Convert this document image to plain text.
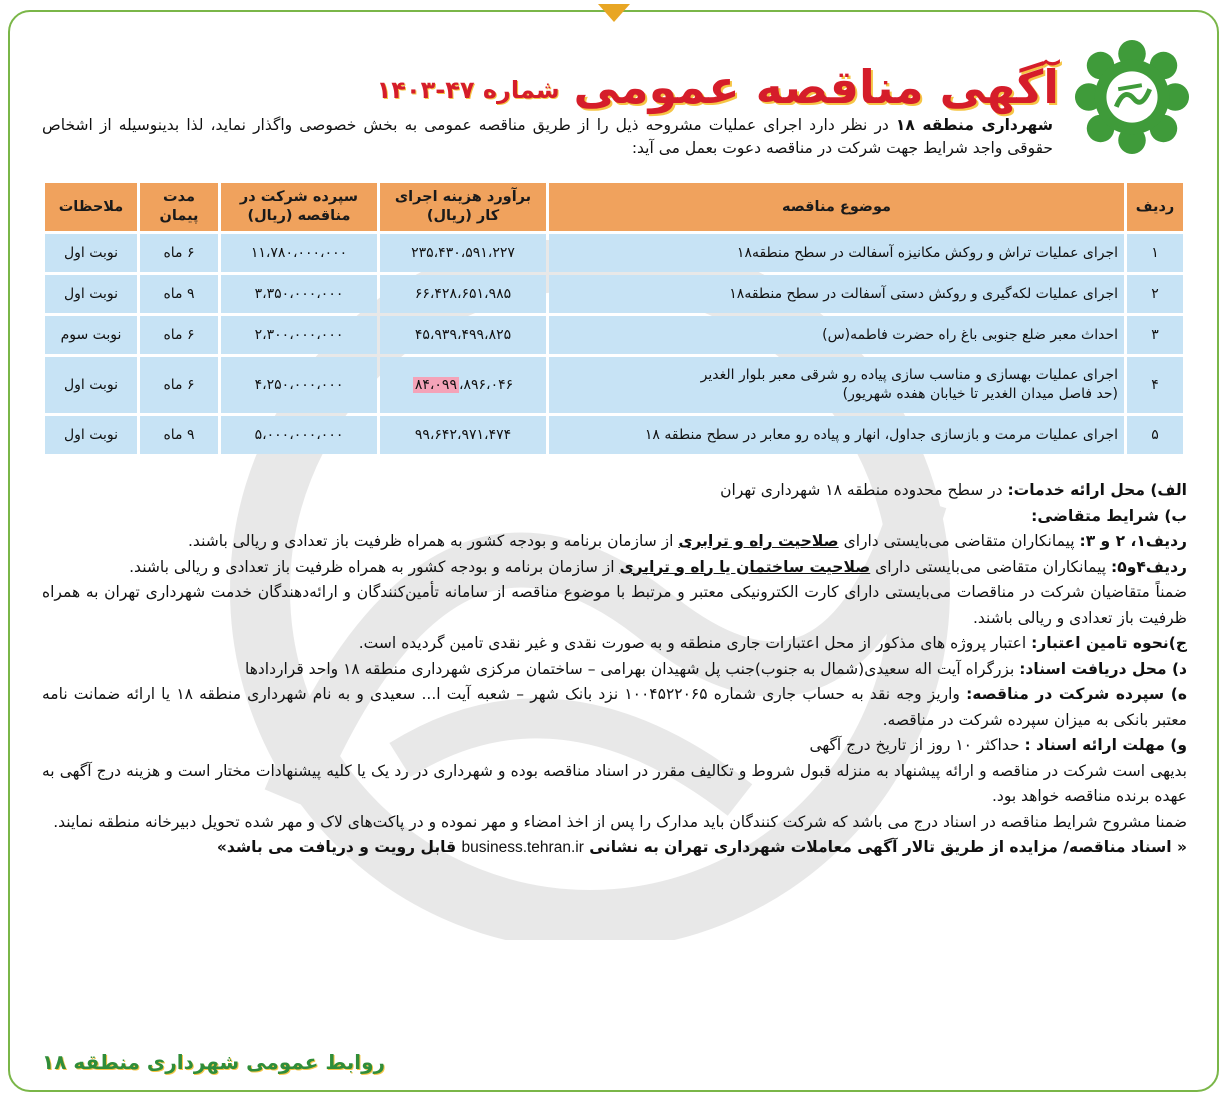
آگهی مناقصه عمومی
شماره ۴۷-۱۴۰۳
شهرداری منطقه ۱۸ در نظر دارد اجرای عملیات مشروحه ذیل را از طریق مناقصه عمومی به بخش خصوصی واگذار نماید، لذا بدینوسیله از اشخاص حقوقی واجد شرایط جهت شرکت در مناقصه دعوت بعمل می آید:
ردیف	موضوع مناقصه	برآورد هزینه اجرای کار (ریال)	سپرده شرکت در مناقصه (ریال)	مدت پیمان	ملاحظات
۱	اجرای عملیات تراش و روکش مکانیزه آسفالت در سطح منطقه۱۸	۲۳۵،۴۳۰،۵۹۱،۲۲۷	۱۱،۷۸۰،۰۰۰،۰۰۰	۶ ماه	نوبت اول
۲	اجرای عملیات لکه‌گیری و روکش دستی آسفالت در سطح منطقه۱۸	۶۶،۴۲۸،۶۵۱،۹۸۵	۳،۳۵۰،۰۰۰،۰۰۰	۹ ماه	نوبت اول
۳	احداث معبر ضلع جنوبی باغ راه حضرت فاطمه(س)	۴۵،۹۳۹،۴۹۹،۸۲۵	۲،۳۰۰،۰۰۰،۰۰۰	۶ ماه	نوبت سوم
۴	اجرای عملیات بهسازی و مناسب سازی پیاده رو شرقی معبر بلوار الغدیر
(حد فاصل میدان الغدیر تا خیابان هفده شهریور)	۸۴،۰۹۹ ،۸۹۶،۰۴۶	۴،۲۵۰،۰۰۰،۰۰۰	۶ ماه	نوبت اول
۵	اجرای عملیات مرمت و بازسازی جداول، انهار و پیاده رو معابر در سطح منطقه ۱۸	۹۹،۶۴۲،۹۷۱،۴۷۴	۵،۰۰۰،۰۰۰،۰۰۰	۹ ماه	نوبت اول

الف) محل ارائه خدمات: در سطح محدوده منطقه ۱۸ شهرداری تهران

ب) شرایط متقاضی:

ردیف۱، ۲ و ۳: پیمانکاران متقاضی می‌بایستی دارای صلاحیت راه و ترابری از سازمان برنامه و بودجه کشور به همراه ظرفیت باز تعدادی و ریالی باشند.

ردیف۴و۵: پیمانکاران متقاضی می‌بایستی دارای صلاحیت ساختمان یا راه و ترابری از سازمان برنامه و بودجه کشور به همراه ظرفیت باز تعدادی و ریالی باشند.

ضمناً متقاضیان شرکت در مناقصات می‌بایستی دارای کارت الکترونیکی معتبر و مرتبط با موضوع مناقصه از سامانه تأمین‌کنندگان و ارائه‌دهندگان خدمت شهرداری تهران به همراه ظرفیت باز تعدادی و ریالی باشند.

ج)نحوه تامین اعتبار: اعتبار پروژه های مذکور از محل اعتبارات جاری منطقه و به صورت نقدی و غیر نقدی تامین گردیده است.

د) محل دریافت اسناد: بزرگراه آیت اله سعیدی(شمال به جنوب)جنب پل شهیدان بهرامی – ساختمان مرکزی شهرداری منطقه ۱۸ واحد قراردادها

ه) سپرده شرکت در مناقصه: واریز وجه نقد به حساب جاری شماره ۱۰۰۴۵۲۲۰۶۵ نزد بانک شهر – شعبه آیت ا... سعیدی و به نام شهرداری منطقه ۱۸ یا ارائه ضمانت نامه معتبر بانکی به میزان سپرده شرکت در مناقصه.

و) مهلت ارائه اسناد : حداکثر ۱۰ روز از تاریخ درج آگهی

بدیهی است شرکت در مناقصه و ارائه پیشنهاد به منزله قبول شروط و تکالیف مقرر در اسناد مناقصه بوده و شهرداری در رد یک یا کلیه پیشنهادات مختار است و هزینه درج آگهی به عهده برنده مناقصه خواهد بود.

ضمنا مشروح شرایط مناقصه در اسناد درج می باشد که شرکت کنندگان باید مدارک را پس از اخذ امضاء و مهر نموده و در پاکت‌های لاک و مهر شده تحویل دبیرخانه منطقه نمایند.

« اسناد مناقصه/ مزایده از طریق تالار آگهی معاملات شهرداری تهران به نشانی business.tehran.ir قابل رویت و دریافت می باشد»

روابط عمومی شهرداری منطقه ۱۸
